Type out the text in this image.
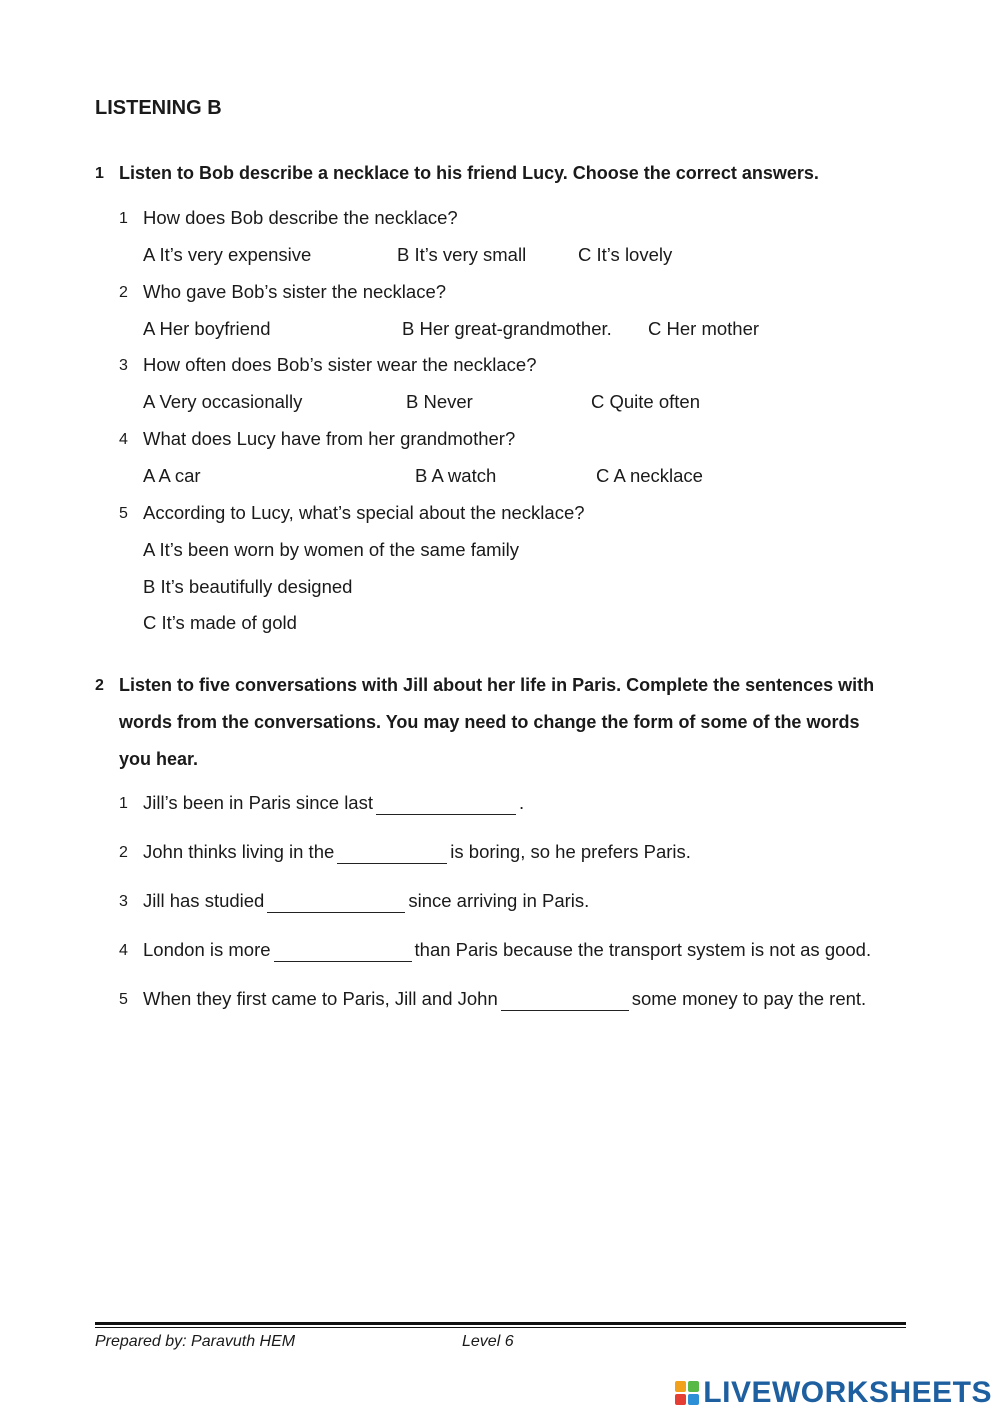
LISTENING B
1 Listen to Bob describe a necklace to his friend Lucy. Choose the correct answers.
1 How does Bob describe the necklace?
A It’s very expensive	B It’s very small	C It’s lovely
2 Who gave Bob’s sister the necklace?
A Her boyfriend	B Her great-grandmother. C Her mother
3 How often does Bob’s sister wear the necklace?
A Very occasionally	B Never	C Quite often
4 What does Lucy have from her grandmother?
A A car	B A watch	C A necklace
5 According to Lucy, what’s special about the necklace?
A It’s been worn by women of the same family
B It’s beautifully designed
C It’s made of gold
2 Listen to five conversations with Jill about her life in Paris. Complete the sentences with words from the conversations. You may need to change the form of some of the words you hear.
1 Jill’s been in Paris since last	.
2 John thinks living in the	is boring, so he prefers Paris.
3 Jill has studied	since arriving in Paris.
4 London is more	than Paris because the transport system is not as good.
5 When they first came to Paris, Jill and John	some money to pay the rent.
Prepared by: Paravuth HEM	Level 6
LIVEWORKSHEETS
